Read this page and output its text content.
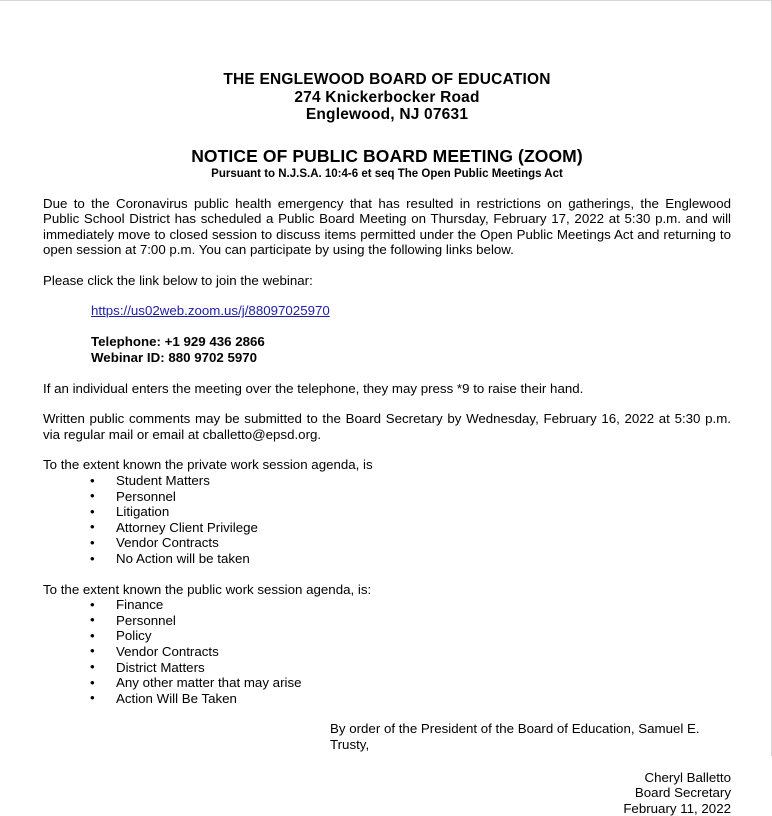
THE ENGLEWOOD BOARD OF EDUCATION
274 Knickerbocker Road
Englewood, NJ 07631
NOTICE OF PUBLIC BOARD MEETING (ZOOM)
Pursuant to N.J.S.A. 10:4-6 et seq The Open Public Meetings Act
Due to the Coronavirus public health emergency that has resulted in restrictions on gatherings, the Englewood Public School District has scheduled a Public Board Meeting on Thursday, February 17, 2022 at 5:30 p.m. and will immediately move to closed session to discuss items permitted under the Open Public Meetings Act and returning to open session at 7:00 p.m. You can participate by using the following links below.
Please click the link below to join the webinar:
https://us02web.zoom.us/j/88097025970
Telephone: +1 929 436 2866
Webinar ID: 880 9702 5970
If an individual enters the meeting over the telephone, they may press *9 to raise their hand.
Written public comments may be submitted to the Board Secretary by Wednesday, February 16, 2022 at 5:30 p.m. via regular mail or email at cballetto@epsd.org.
To the extent known the private work session agenda, is
• Student Matters
• Personnel
• Litigation
• Attorney Client Privilege
• Vendor Contracts
• No Action will be taken
To the extent known the public work session agenda, is:
• Finance
• Personnel
• Policy
• Vendor Contracts
• District Matters
• Any other matter that may arise
• Action Will Be Taken
By order of the President of the Board of Education, Samuel E. Trusty,
Cheryl Balletto
Board Secretary
February 11, 2022
